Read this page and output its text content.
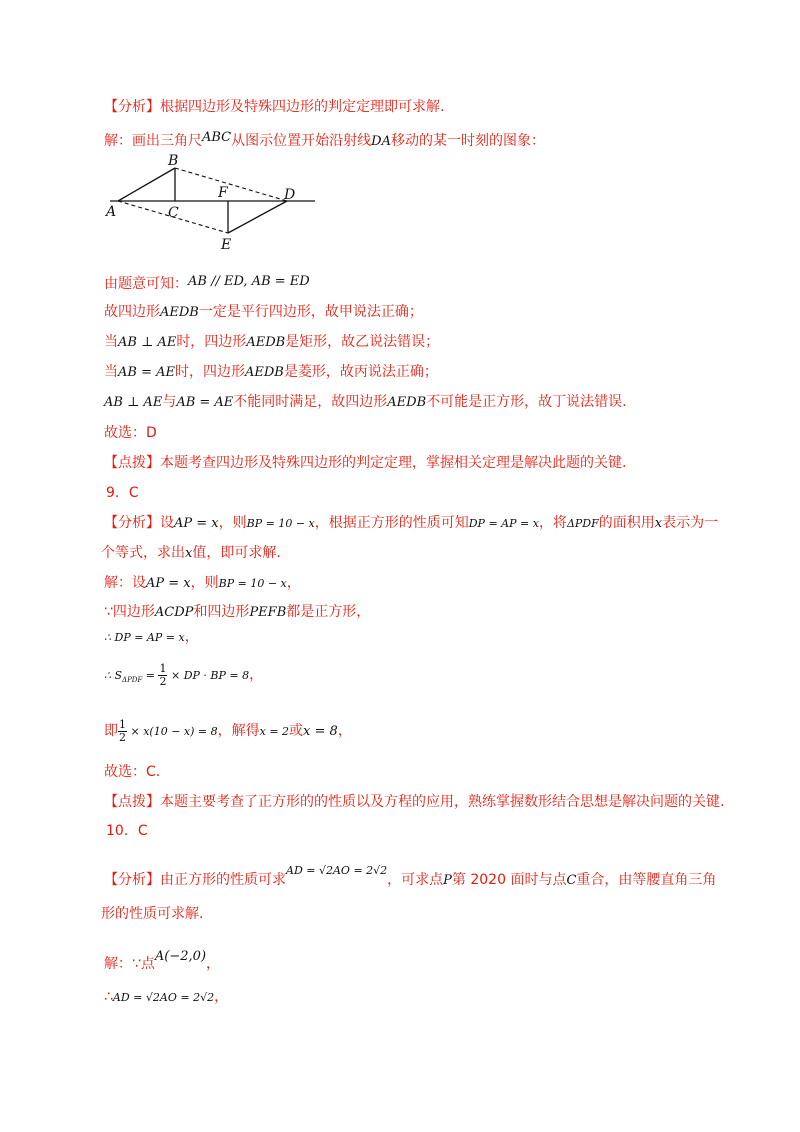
【分析】根据四边形及特殊四边形的判定定理即可求解.
解：画出三角尺ABC从图示位置开始沿射线DA移动的某一时刻的图象：
B
A	C
F	D
E
由题意可知：AB // ED, AB = ED
故四边形AEDB一定是平行四边形，故甲说法正确；
当AB ⊥ AE时，四边形AEDB是矩形，故乙说法错误；
当AB = AE时，四边形AEDB是菱形，故丙说法正确；
AB ⊥ AE与AB = AE不能同时满足，故四边形AEDB不可能是正方形，故丁说法错误.
故选：D
【点拨】本题考查四边形及特殊四边形的判定定理，掌握相关定理是解决此题的关键.
9．C
【分析】设AP = x，则BP = 10 − x，根据正方形的性质可知DP = AP = x，将ΔPDF的面积用x表示为一
个等式，求出x值，即可求解.
解：设AP = x，则BP = 10 − x，
∵四边形ACDP和四边形PEFB都是正方形，
∴ DP = AP = x，
∴ $S_{\Delta PDF} = \frac{1}{2}$ × DP · BP = 8，
即 $\frac{1}{2} \times x(10 - x) = 8$，解得x = 2或x = 8，
故选：C.
【点拨】本题主要考查了正方形的的性质以及方程的应用，熟练掌握数形结合思想是解决问题的关键.
10．C
【分析】由正方形的性质可求$^{AD = √2AO = 2√2}$，可求点P第 2020 面时与点C重合，由等腰直角三角
形的性质可求解.
解：∵点A(−2,0)，
∴AD = √2AO = 2√2，
